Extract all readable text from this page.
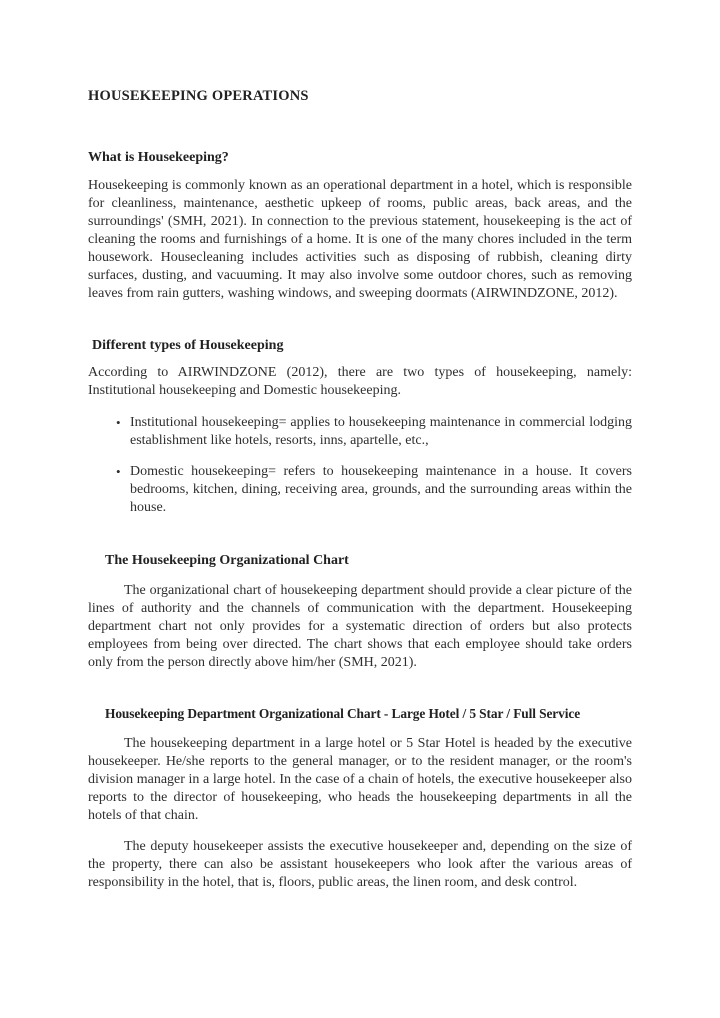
HOUSEKEEPING OPERATIONS
What is Housekeeping?

Housekeeping is commonly known as an operational department in a hotel, which is responsible for cleanliness, maintenance, aesthetic upkeep of rooms, public areas, back areas, and the surroundings' (SMH, 2021). In connection to the previous statement, housekeeping is the act of cleaning the rooms and furnishings of a home. It is one of the many chores included in the term housework. Housecleaning includes activities such as disposing of rubbish, cleaning dirty surfaces, dusting, and vacuuming. It may also involve some outdoor chores, such as removing leaves from rain gutters, washing windows, and sweeping doormats (AIRWINDZONE, 2012).

Different types of Housekeeping

According to AIRWINDZONE (2012), there are two types of housekeeping, namely: Institutional housekeeping and Domestic housekeeping.

• Institutional housekeeping= applies to housekeeping maintenance in commercial lodging establishment like hotels, resorts, inns, apartelle, etc.,
• Domestic housekeeping= refers to housekeeping maintenance in a house. It covers bedrooms, kitchen, dining, receiving area, grounds, and the surrounding areas within the house.
The Housekeeping Organizational Chart

The organizational chart of housekeeping department should provide a clear picture of the lines of authority and the channels of communication with the department. Housekeeping department chart not only provides for a systematic direction of orders but also protects employees from being over directed. The chart shows that each employee should take orders only from the person directly above him/her (SMH, 2021).

Housekeeping Department Organizational Chart - Large Hotel / 5 Star / Full Service

The housekeeping department in a large hotel or 5 Star Hotel is headed by the executive housekeeper. He/she reports to the general manager, or to the resident manager, or the room's division manager in a large hotel. In the case of a chain of hotels, the executive housekeeper also reports to the director of housekeeping, who heads the housekeeping departments in all the hotels of that chain.

The deputy housekeeper assists the executive housekeeper and, depending on the size of the property, there can also be assistant housekeepers who look after the various areas of responsibility in the hotel, that is, floors, public areas, the linen room, and desk control.
